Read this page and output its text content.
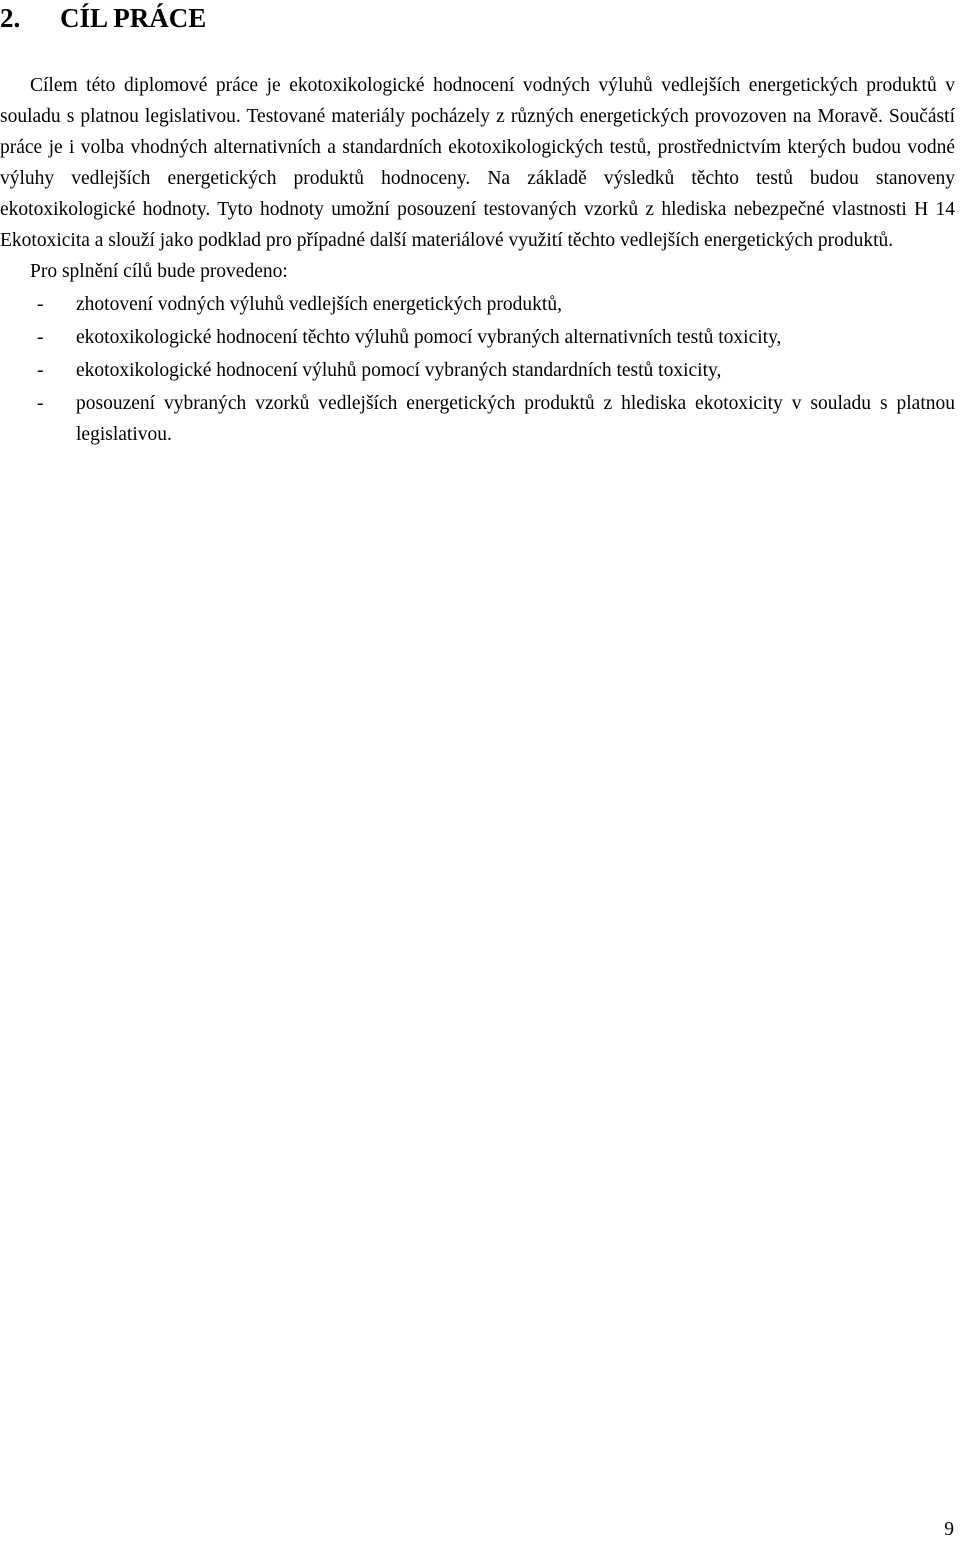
2. CÍL PRÁCE

Cílem této diplomové práce je ekotoxikologické hodnocení vodných výluhů vedlejších energetických produktů v souladu s platnou legislativou. Testované materiály pocházely z různých energetických provozoven na Moravě. Součástí práce je i volba vhodných alternativních a standardních ekotoxikologických testů, prostřednictvím kterých budou vodné výluhy vedlejších energetických produktů hodnoceny. Na základě výsledků těchto testů budou stanoveny ekotoxikologické hodnoty. Tyto hodnoty umožní posouzení testovaných vzorků z hlediska nebezpečné vlastnosti H 14 Ekotoxicita a slouží jako podklad pro případné další materiálové využití těchto vedlejších energetických produktů.

Pro splnění cílů bude provedeno:

- zhotovení vodných výluhů vedlejších energetických produktů,
- ekotoxikologické hodnocení těchto výluhů pomocí vybraných alternativních testů toxicity,
- ekotoxikologické hodnocení výluhů pomocí vybraných standardních testů toxicity,
- posouzení vybraných vzorků vedlejších energetických produktů z hlediska ekotoxicity v souladu s platnou legislativou.
9
